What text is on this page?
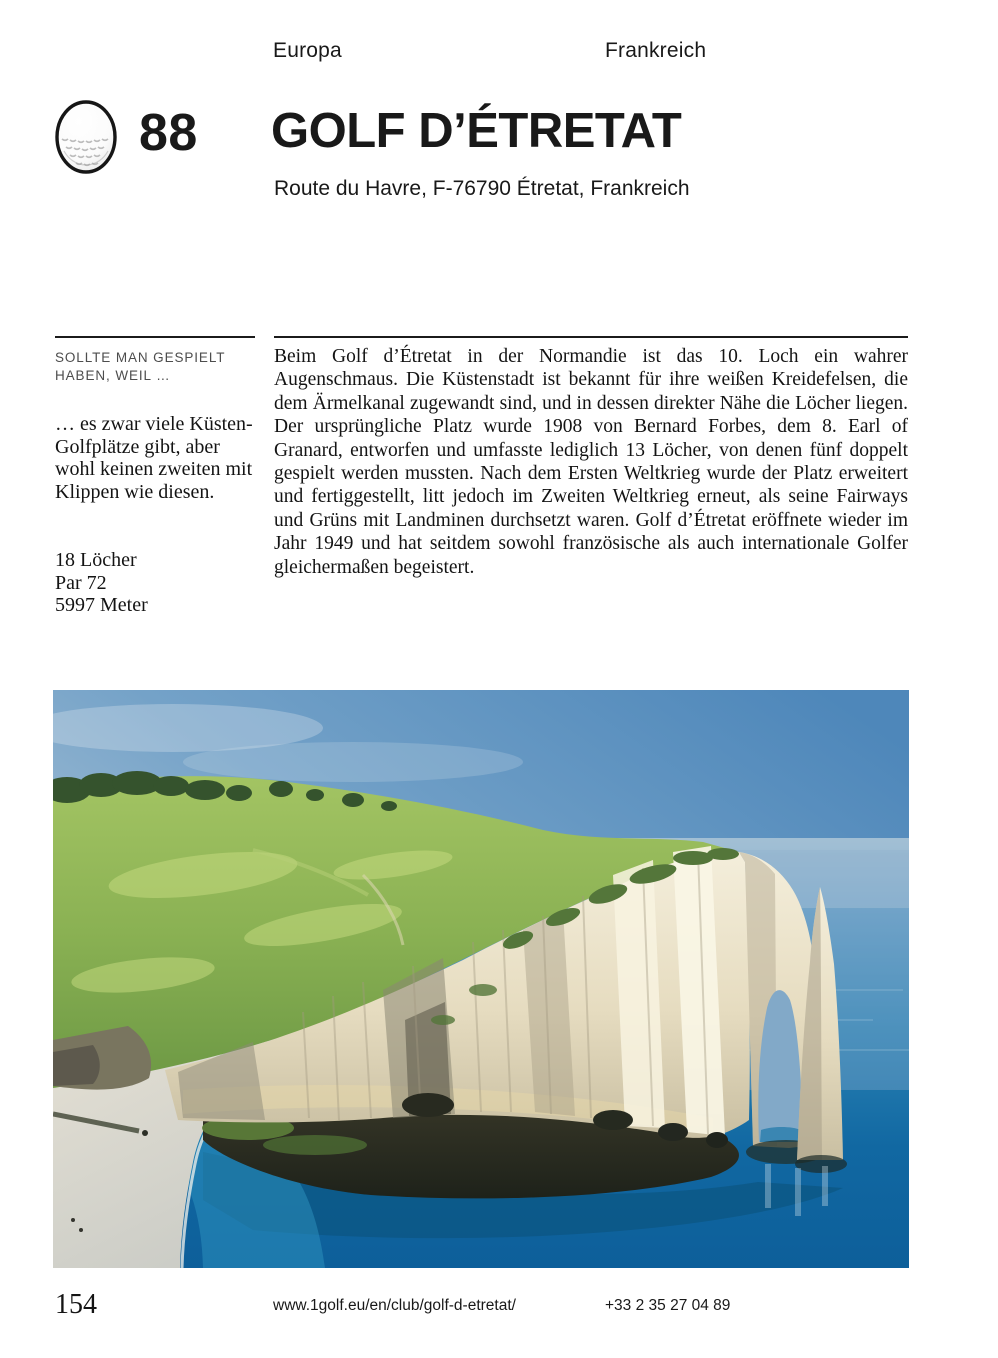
Europa	Frankreich
88 GOLF D’ÉTRETAT
Route du Havre, F-76790 Étretat, Frankreich
SOLLTE MAN GESPIELT
HABEN, WEIL …

… es zwar viele Küsten-Golfplätze gibt, aber wohl keinen zweiten mit Klippen wie diesen.

18 Löcher
Par 72
5997 Meter

Beim Golf d’Étretat in der Normandie ist das 10. Loch ein wahrer Augenschmaus. Die Küstenstadt ist bekannt für ihre weißen Kreidefelsen, die dem Ärmelkanal zugewandt sind, und in dessen direkter Nähe die Löcher liegen. Der ursprüngliche Platz wurde 1908 von Bernard Forbes, dem 8. Earl of Granard, entworfen und umfasste lediglich 13 Löcher, von denen fünf doppelt gespielt werden mussten. Nach dem Ersten Weltkrieg wurde der Platz erweitert und fertiggestellt, litt jedoch im Zweiten Weltkrieg erneut, als seine Fairways und Grüns mit Landminen durchsetzt waren. Golf d’Étretat eröffnete wieder im Jahr 1949 und hat seitdem sowohl französische als auch internationale Golfer gleichermaßen begeistert.

154	www.1golf.eu/en/club/golf-d-etretat/	+33 2 35 27 04 89
